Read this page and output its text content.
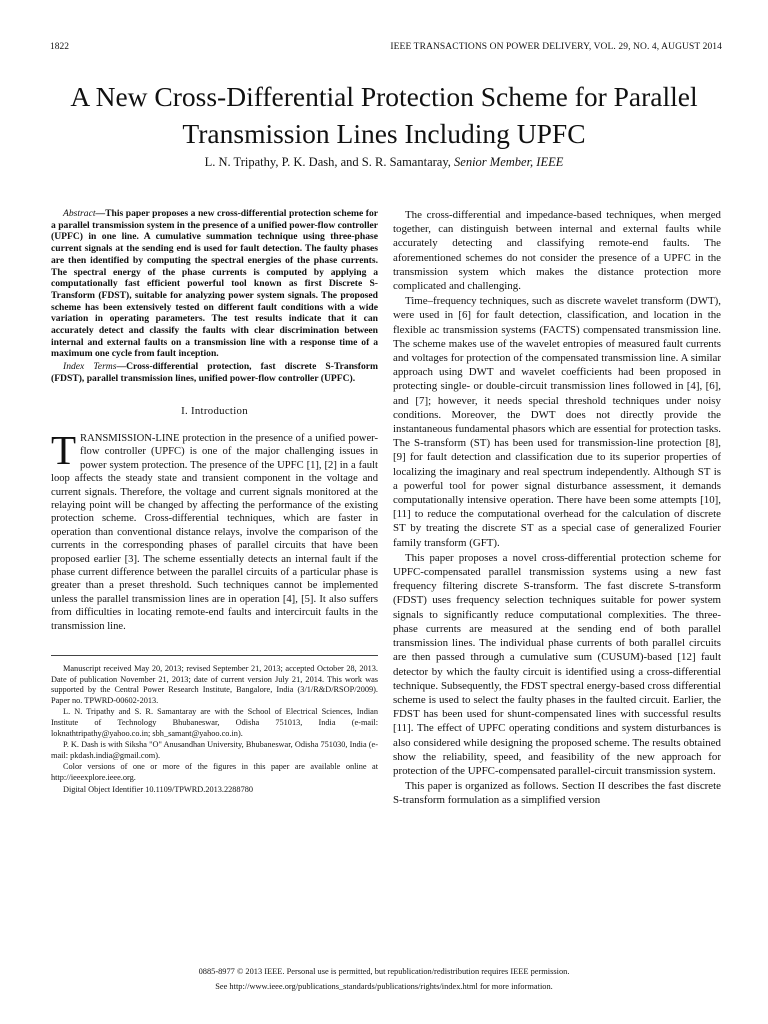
1822	IEEE TRANSACTIONS ON POWER DELIVERY, VOL. 29, NO. 4, AUGUST 2014
A New Cross-Differential Protection Scheme for Parallel Transmission Lines Including UPFC
L. N. Tripathy, P. K. Dash, and S. R. Samantaray, Senior Member, IEEE

Abstract—This paper proposes a new cross-differential protection scheme for a parallel transmission system in the presence of a unified power-flow controller (UPFC) in one line. A cumulative summation technique using three-phase current signals at the sending end is used for fault detection. The faulty phases are then identified by computing the spectral energies of the phase currents. The spectral energy of the phase currents is computed by applying a computationally fast efficient powerful tool known as first Discrete S-Transform (FDST), suitable for analyzing power system signals. The proposed scheme has been extensively tested on different fault conditions with a wide variation in operating parameters. The test results indicate that it can accurately detect and classify the faults with clear discrimination between internal and external faults on a transmission line with a response time of a maximum one cycle from fault inception.

Index Terms—Cross-differential protection, fast discrete S-Transform (FDST), parallel transmission lines, unified power-flow controller (UPFC).

I. Introduction

TRANSMISSION-LINE protection in the presence of a unified power-flow controller (UPFC) is one of the major challenging issues in power system protection. The presence of the UPFC [1], [2] in a fault loop affects the steady state and transient component in the voltage and current signals. Therefore, the voltage and current signals monitored at the relaying point will be changed by affecting the performance of the existing protection scheme. Cross-differential techniques, which are faster in operation than conventional distance relays, involve the comparison of the currents in the corresponding phases of parallel circuits that have been proposed earlier [3]. The scheme essentially detects an internal fault if the phase current difference between the parallel circuits of a particular phase is greater than a preset threshold. Such techniques cannot be implemented unless the parallel transmission lines are in operation [4], [5]. It also suffers from difficulties in locating remote-end faults and intercircuit faults in the transmission line.

Manuscript received May 20, 2013; revised September 21, 2013; accepted October 28, 2013. Date of publication November 21, 2013; date of current version July 21, 2014. This work was supported by the Central Power Research Institute, Bangalore, India (3/1/R&D/RSOP/2009). Paper no. TPWRD-00602-2013.

L. N. Tripathy and S. R. Samantaray are with the School of Electrical Sciences, Indian Institute of Technology Bhubaneswar, Odisha 751013, India (e-mail: loknathtripathy@yahoo.co.in; sbh_samant@yahoo.co.in).

P. K. Dash is with Siksha "O" Anusandhan University, Bhubaneswar, Odisha 751030, India (e-mail: pkdash.india@gmail.com).

Color versions of one or more of the figures in this paper are available online at http://ieeexplore.ieee.org.

Digital Object Identifier 10.1109/TPWRD.2013.2288780

The cross-differential and impedance-based techniques, when merged together, can distinguish between internal and external faults while accurately detecting and classifying remote-end faults. The aforementioned schemes do not consider the presence of a UPFC in the transmission system which makes the distance protection more complicated and challenging.

Time–frequency techniques, such as discrete wavelet transform (DWT), were used in [6] for fault detection, classification, and location in the flexible ac transmission systems (FACTS) compensated transmission line. The scheme makes use of the wavelet entropies of measured fault currents and voltages for protection of the compensated transmission line. A similar approach using DWT and wavelet coefficients had been proposed in protecting single- or double-circuit transmission lines followed in [4], [6], and [7]; however, it needs special threshold techniques under noisy conditions. Moreover, the DWT does not directly provide the instantaneous fundamental phasors which are essential for protection tasks. The S-transform (ST) has been used for transmission-line protection [8], [9] for fault detection and classification due to its superior properties of localizing the imaginary and real spectrum independently. Although ST is a powerful tool for power signal disturbance assessment, it demands computationally intensive operation. There have been some attempts [10], [11] to reduce the computational overhead for the calculation of discrete ST by treating the discrete ST as a special case of generalized Fourier family transform (GFT).

This paper proposes a novel cross-differential protection scheme for UPFC-compensated parallel transmission systems using a new fast frequency filtering discrete S-transform. The fast discrete S-transform (FDST) uses frequency selection techniques suitable for power system signals to significantly reduce computational complexities. The three-phase currents are measured at the sending end of both parallel transmission lines. The individual phase currents of both parallel circuits are then passed through a cumulative sum (CUSUM)-based [12] fault detector by which the faulty circuit is identified using a cross-differential technique. Subsequently, the FDST spectral energy-based cross differential scheme is used to select the faulty phases in the faulted circuit. Earlier, the FDST has been used for shunt-compensated lines with successful results [11]. The effect of UPFC operating conditions and system disturbances is also considered while designing the proposed scheme. The results obtained show the reliability, speed, and feasibility of the new approach for protection of the UPFC-compensated parallel-circuit transmission system.

This paper is organized as follows. Section II describes the fast discrete S-transform formulation as a simplified version

0885-8977 © 2013 IEEE. Personal use is permitted, but republication/redistribution requires IEEE permission.
See http://www.ieee.org/publications_standards/publications/rights/index.html for more information.
